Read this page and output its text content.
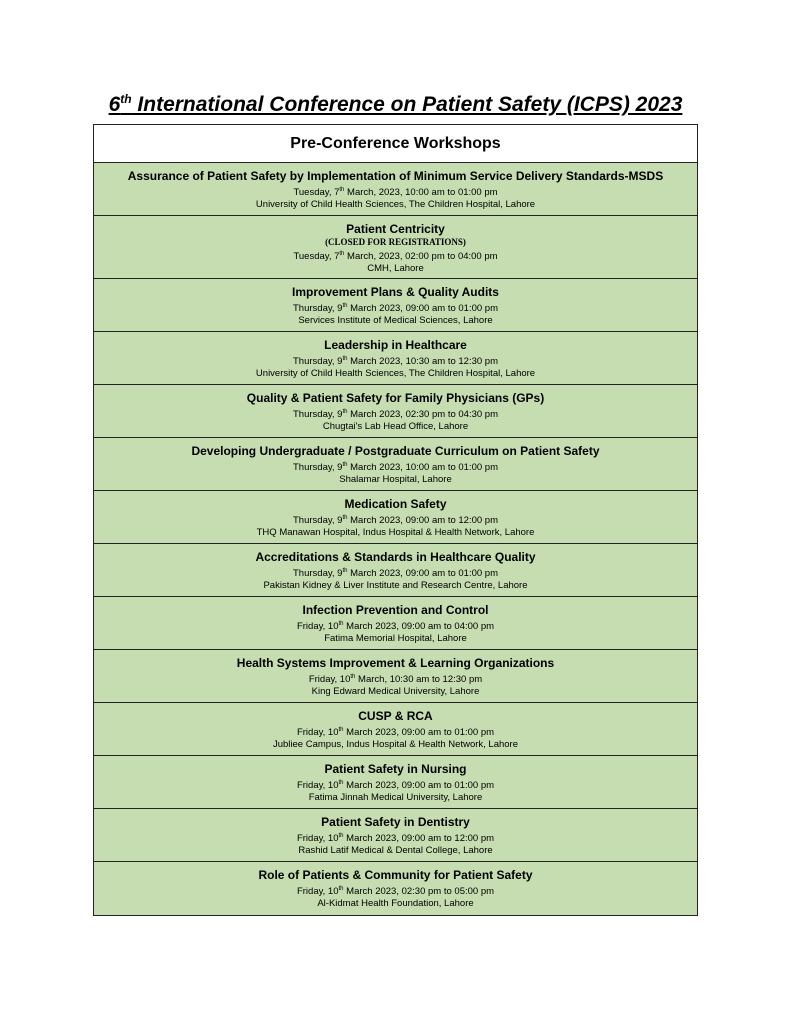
6th International Conference on Patient Safety (ICPS) 2023
Pre-Conference Workshops
Assurance of Patient Safety by Implementation of Minimum Service Delivery Standards-MSDS
Tuesday, 7th March, 2023, 10:00 am to 01:00 pm
University of Child Health Sciences, The Children Hospital, Lahore
Patient Centricity
(CLOSED FOR REGISTRATIONS)
Tuesday, 7th March, 2023, 02:00 pm to 04:00 pm
CMH, Lahore
Improvement Plans & Quality Audits
Thursday, 9th March 2023, 09:00 am to 01:00 pm
Services Institute of Medical Sciences, Lahore
Leadership in Healthcare
Thursday, 9th March 2023, 10:30 am to 12:30 pm
University of Child Health Sciences, The Children Hospital, Lahore
Quality & Patient Safety for Family Physicians (GPs)
Thursday, 9th March 2023, 02:30 pm to 04:30 pm
Chugtai's Lab Head Office, Lahore
Developing Undergraduate / Postgraduate Curriculum on Patient Safety
Thursday, 9th March 2023, 10:00 am to 01:00 pm
Shalamar Hospital, Lahore
Medication Safety
Thursday, 9th March 2023, 09:00 am to 12:00 pm
THQ Manawan Hospital, Indus Hospital & Health Network, Lahore
Accreditations & Standards in Healthcare Quality
Thursday, 9th March 2023, 09:00 am to 01:00 pm
Pakistan Kidney & Liver Institute and Research Centre, Lahore
Infection Prevention and Control
Friday, 10th March 2023, 09:00 am to 04:00 pm
Fatima Memorial Hospital, Lahore
Health Systems Improvement & Learning Organizations
Friday, 10th March, 10:30 am to 12:30 pm
King Edward Medical University, Lahore
CUSP & RCA
Friday, 10th March 2023, 09:00 am to 01:00 pm
Jubliee Campus, Indus Hospital & Health Network, Lahore
Patient Safety in Nursing
Friday, 10th March 2023, 09:00 am to 01:00 pm
Fatima Jinnah Medical University, Lahore
Patient Safety in Dentistry
Friday, 10th March 2023, 09:00 am to 12:00 pm
Rashid Latif Medical & Dental College, Lahore
Role of Patients & Community for Patient Safety
Friday, 10th March 2023, 02:30 pm to 05:00 pm
Al-Kidmat Health Foundation, Lahore
